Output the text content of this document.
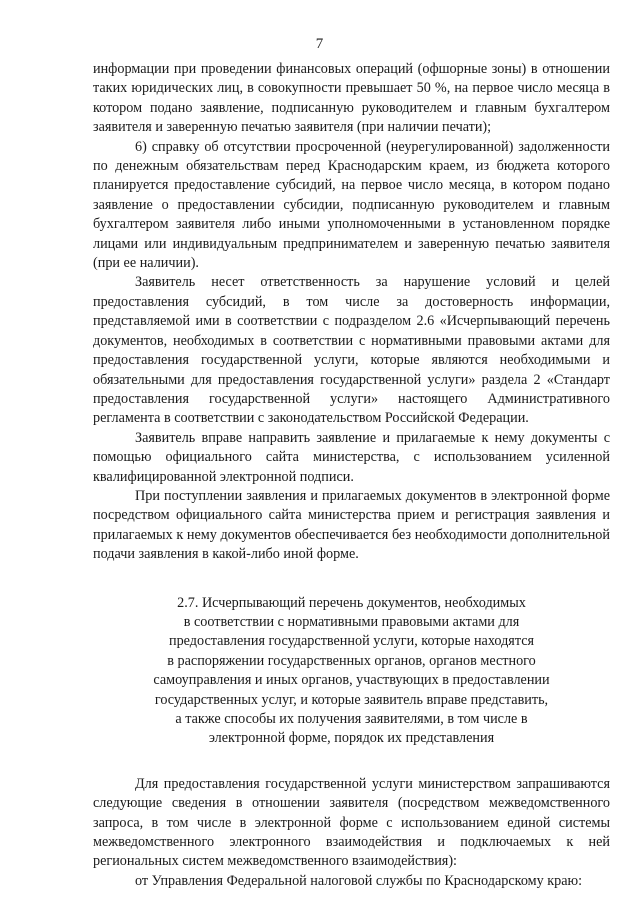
7

информации при проведении финансовых операций (офшорные зоны) в отношении таких юридических лиц, в совокупности превышает 50 %, на первое число месяца в котором подано заявление, подписанную руководителем и главным бухгалтером заявителя и заверенную печатью заявителя (при наличии печати);

6) справку об отсутствии просроченной (неурегулированной) задолженности по денежным обязательствам перед Краснодарским краем, из бюджета которого планируется предоставление субсидий, на первое число месяца, в котором подано заявление о предоставлении субсидии, подписанную руководителем и главным бухгалтером заявителя либо иными уполномоченными в установленном порядке лицами или индивидуальным предпринимателем и заверенную печатью заявителя (при ее наличии).

Заявитель несет ответственность за нарушение условий и целей предоставления субсидий, в том числе за достоверность информации, представляемой ими в соответствии с подразделом 2.6 «Исчерпывающий перечень документов, необходимых в соответствии с нормативными правовыми актами для предоставления государственной услуги, которые являются необходимыми и обязательными для предоставления государственной услуги» раздела 2 «Стандарт предоставления государственной услуги» настоящего Административного регламента в соответствии с законодательством Российской Федерации.

Заявитель вправе направить заявление и прилагаемые к нему документы с помощью официального сайта министерства, с использованием усиленной квалифицированной электронной подписи.

При поступлении заявления и прилагаемых документов в электронной форме посредством официального сайта министерства прием и регистрация заявления и прилагаемых к нему документов обеспечивается без необходимости дополнительной подачи заявления в какой-либо иной форме.

2.7. Исчерпывающий перечень документов, необходимых
в соответствии с нормативными правовыми актами для
предоставления государственной услуги, которые находятся
в распоряжении государственных органов, органов местного
самоуправления и иных органов, участвующих в предоставлении
государственных услуг, и которые заявитель вправе представить,
а также способы их получения заявителями, в том числе в
электронной форме, порядок их представления

Для предоставления государственной услуги министерством запрашиваются следующие сведения в отношении заявителя (посредством межведомственного запроса, в том числе в электронной форме с использованием единой системы межведомственного электронного взаимодействия и подключаемых к ней региональных систем межведомственного взаимодействия):

от Управления Федеральной налоговой службы по Краснодарскому краю:
